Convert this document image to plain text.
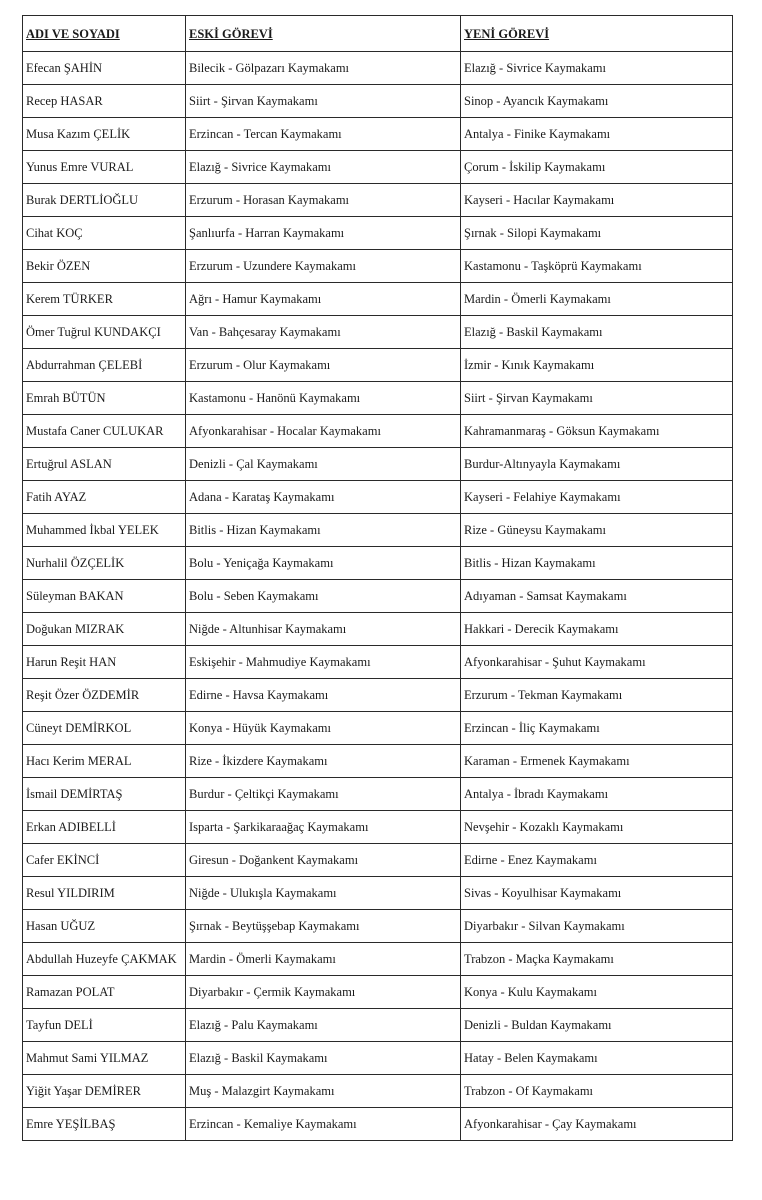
ADI VE SOYADI	ESKİ GÖREVİ	YENİ GÖREVİ
Efecan ŞAHİN	Bilecik - Gölpazarı Kaymakamı	Elazığ - Sivrice Kaymakamı
Recep HASAR	Siirt - Şirvan Kaymakamı	Sinop - Ayancık Kaymakamı
Musa Kazım ÇELİK	Erzincan - Tercan Kaymakamı	Antalya - Finike Kaymakamı
Yunus Emre VURAL	Elazığ - Sivrice Kaymakamı	Çorum - İskilip Kaymakamı
Burak DERTLİOĞLU	Erzurum - Horasan Kaymakamı	Kayseri - Hacılar Kaymakamı
Cihat KOÇ	Şanlıurfa - Harran Kaymakamı	Şırnak - Silopi Kaymakamı
Bekir ÖZEN	Erzurum - Uzundere Kaymakamı	Kastamonu - Taşköprü Kaymakamı
Kerem TÜRKER	Ağrı - Hamur Kaymakamı	Mardin - Ömerli Kaymakamı
Ömer Tuğrul KUNDAKÇI	Van - Bahçesaray Kaymakamı	Elazığ - Baskil Kaymakamı
Abdurrahman ÇELEBİ	Erzurum - Olur Kaymakamı	İzmir - Kınık Kaymakamı
Emrah BÜTÜN	Kastamonu - Hanönü Kaymakamı	Siirt - Şirvan Kaymakamı
Mustafa Caner CULUKAR	Afyonkarahisar - Hocalar Kaymakamı	Kahramanmaraş - Göksun Kaymakamı
Ertuğrul ASLAN	Denizli - Çal Kaymakamı	Burdur-Altınyayla Kaymakamı
Fatih AYAZ	Adana - Karataş Kaymakamı	Kayseri - Felahiye Kaymakamı
Muhammed İkbal YELEK	Bitlis - Hizan Kaymakamı	Rize - Güneysu Kaymakamı
Nurhalil ÖZÇELİK	Bolu - Yeniçağa Kaymakamı	Bitlis - Hizan Kaymakamı
Süleyman BAKAN	Bolu - Seben Kaymakamı	Adıyaman - Samsat Kaymakamı
Doğukan MIZRAK	Niğde - Altunhisar Kaymakamı	Hakkari - Derecik Kaymakamı
Harun Reşit HAN	Eskişehir - Mahmudiye Kaymakamı	Afyonkarahisar - Şuhut Kaymakamı
Reşit Özer ÖZDEMİR	Edirne - Havsa Kaymakamı	Erzurum - Tekman Kaymakamı
Cüneyt DEMİRKOL	Konya - Hüyük Kaymakamı	Erzincan - İliç Kaymakamı
Hacı Kerim MERAL	Rize - İkizdere Kaymakamı	Karaman - Ermenek Kaymakamı
İsmail DEMİRTAŞ	Burdur - Çeltikçi Kaymakamı	Antalya - İbradı Kaymakamı
Erkan ADIBELLİ	Isparta - Şarkikaraağaç Kaymakamı	Nevşehir - Kozaklı Kaymakamı
Cafer EKİNCİ	Giresun - Doğankent Kaymakamı	Edirne - Enez Kaymakamı
Resul YILDIRIM	Niğde - Ulukışla Kaymakamı	Sivas - Koyulhisar Kaymakamı
Hasan UĞUZ	Şırnak - Beytüşşebap Kaymakamı	Diyarbakır - Silvan Kaymakamı
Abdullah Huzeyfe ÇAKMAK	Mardin - Ömerli Kaymakamı	Trabzon - Maçka Kaymakamı
Ramazan POLAT	Diyarbakır - Çermik Kaymakamı	Konya - Kulu Kaymakamı
Tayfun DELİ	Elazığ - Palu Kaymakamı	Denizli - Buldan Kaymakamı
Mahmut Sami YILMAZ	Elazığ - Baskil Kaymakamı	Hatay - Belen Kaymakamı
Yiğit Yaşar DEMİRER	Muş - Malazgirt Kaymakamı	Trabzon - Of Kaymakamı
Emre YEŞİLBAŞ	Erzincan - Kemaliye Kaymakamı	Afyonkarahisar - Çay Kaymakamı
